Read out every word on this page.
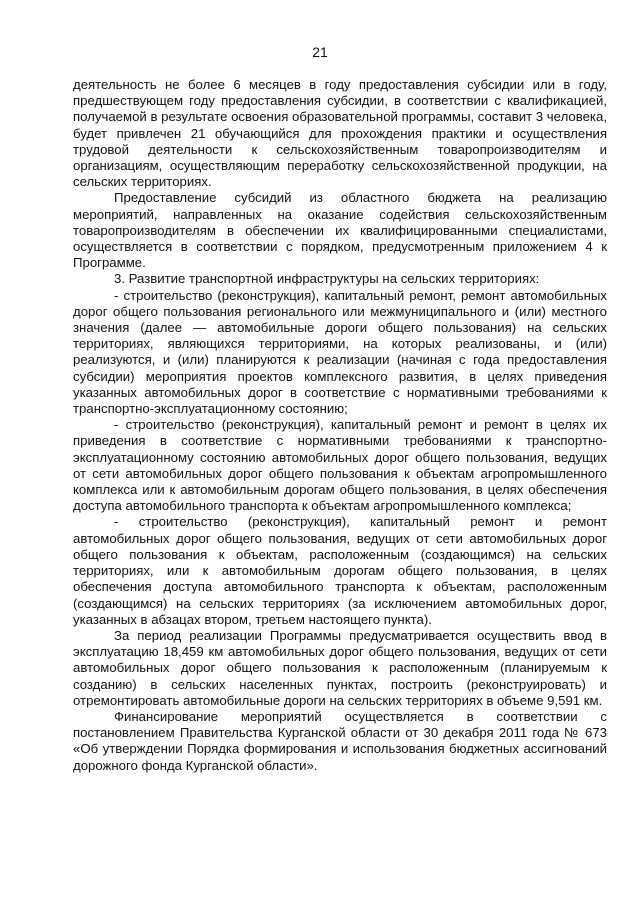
21

деятельность не более 6 месяцев в году предоставления субсидии или в году, предшествующем году предоставления субсидии, в соответствии с квалификацией, получаемой в результате освоения образовательной программы, составит 3 человека, будет привлечен 21 обучающийся для прохождения практики и осуществления трудовой деятельности к сельскохозяйственным товаропроизводителям и организациям, осуществляющим переработку сельскохозяйственной продукции, на сельских территориях.

Предоставление субсидий из областного бюджета на реализацию мероприятий, направленных на оказание содействия сельскохозяйственным товаропроизводителям в обеспечении их квалифицированными специалистами, осуществляется в соответствии с порядком, предусмотренным приложением 4 к Программе.

3. Развитие транспортной инфраструктуры на сельских территориях:

- строительство (реконструкция), капитальный ремонт, ремонт автомобильных дорог общего пользования регионального или межмуниципального и (или) местного значения (далее — автомобильные дороги общего пользования) на сельских территориях, являющихся территориями, на которых реализованы, и (или) реализуются, и (или) планируются к реализации (начиная с года предоставления субсидии) мероприятия проектов комплексного развития, в целях приведения указанных автомобильных дорог в соответствие с нормативными требованиями к транспортно-эксплуатационному состоянию;

- строительство (реконструкция), капитальный ремонт и ремонт в целях их приведения в соответствие с нормативными требованиями к транспортно-эксплуатационному состоянию автомобильных дорог общего пользования, ведущих от сети автомобильных дорог общего пользования к объектам агропромышленного комплекса или к автомобильным дорогам общего пользования, в целях обеспечения доступа автомобильного транспорта к объектам агропромышленного комплекса;

- строительство (реконструкция), капитальный ремонт и ремонт автомобильных дорог общего пользования, ведущих от сети автомобильных дорог общего пользования к объектам, расположенным (создающимся) на сельских территориях, или к автомобильным дорогам общего пользования, в целях обеспечения доступа автомобильного транспорта к объектам, расположенным (создающимся) на сельских территориях (за исключением автомобильных дорог, указанных в абзацах втором, третьем настоящего пункта).

За период реализации Программы предусматривается осуществить ввод в эксплуатацию 18,459 км автомобильных дорог общего пользования, ведущих от сети автомобильных дорог общего пользования к расположенным (планируемым к созданию) в сельских населенных пунктах, построить (реконструировать) и отремонтировать автомобильные дороги на сельских территориях в объеме 9,591 км.

Финансирование мероприятий осуществляется в соответствии с постановлением Правительства Курганской области от 30 декабря 2011 года № 673 «Об утверждении Порядка формирования и использования бюджетных ассигнований дорожного фонда Курганской области».
